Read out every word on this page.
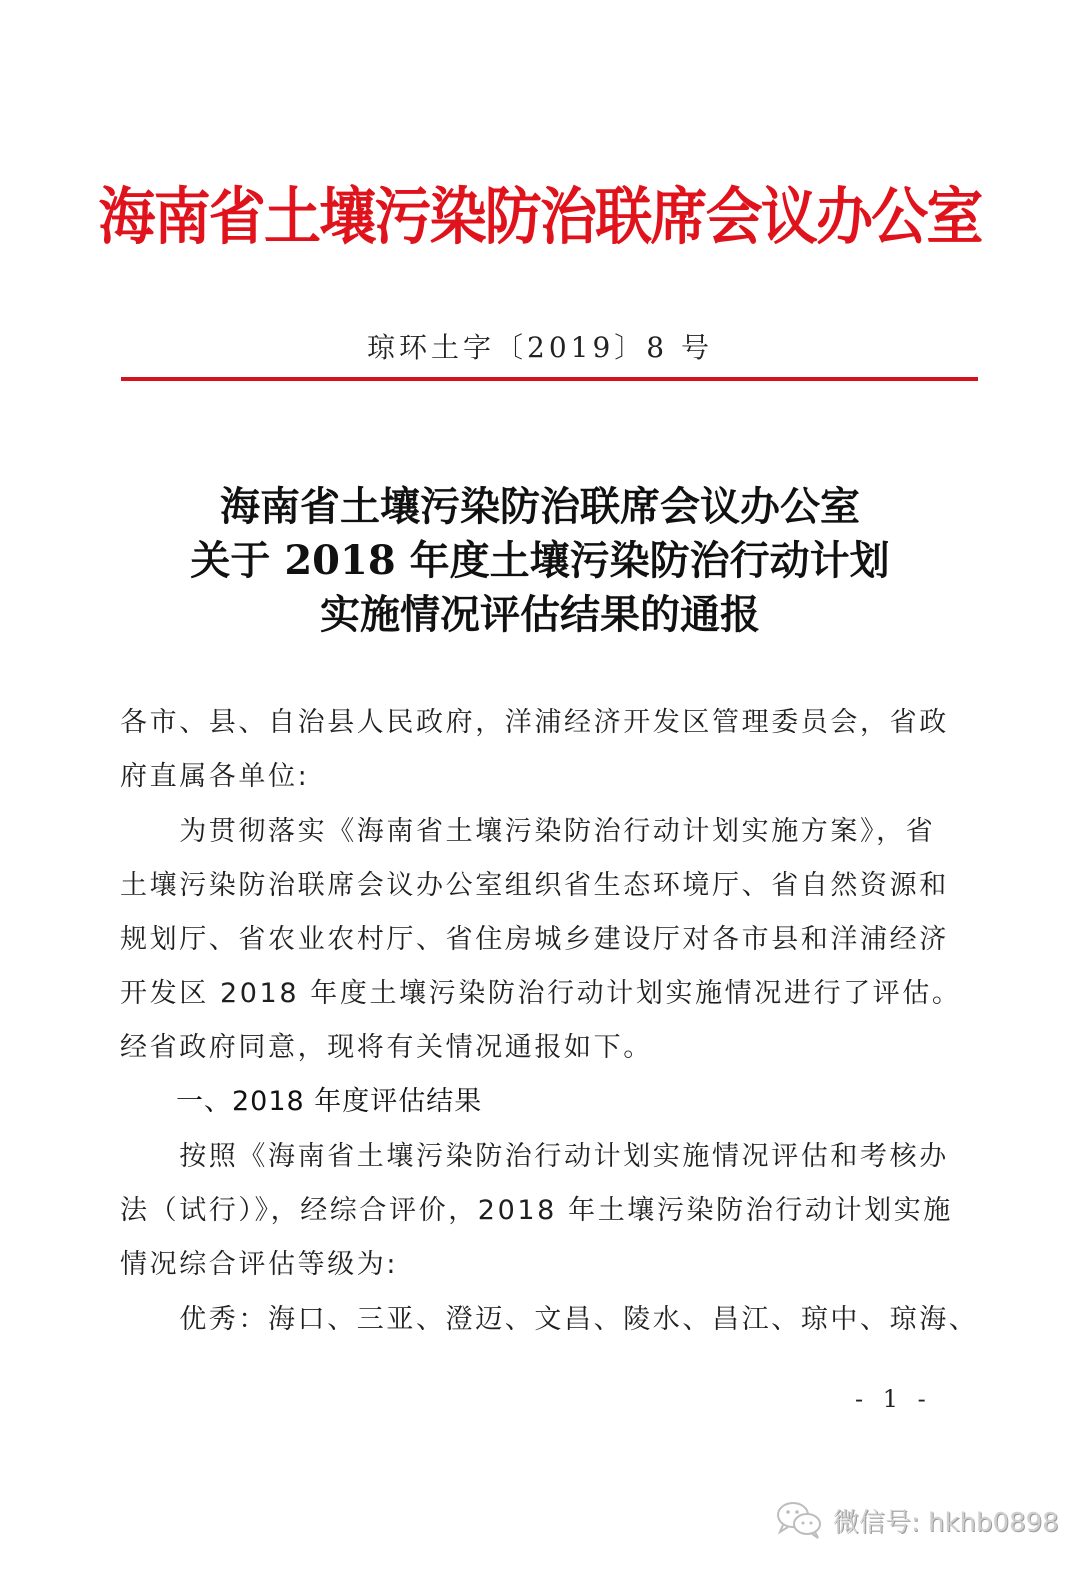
海南省土壤污染防治联席会议办公室
琼环土字〔2019〕8 号
海南省土壤污染防治联席会议办公室
关于 2018 年度土壤污染防治行动计划
实施情况评估结果的通报
各市、县、自治县人民政府，洋浦经济开发区管理委员会，省政
府直属各单位:
　　为贯彻落实《海南省土壤污染防治行动计划实施方案》，省
土壤污染防治联席会议办公室组织省生态环境厅、省自然资源和
规划厅、省农业农村厅、省住房城乡建设厅对各市县和洋浦经济
开发区 2018 年度土壤污染防治行动计划实施情况进行了评估。
经省政府同意，现将有关情况通报如下。
　　一、2018 年度评估结果
　　按照《海南省土壤污染防治行动计划实施情况评估和考核办
法（试行）》，经综合评价，2018 年土壤污染防治行动计划实施
情况综合评估等级为:
　　优秀：海口、三亚、澄迈、文昌、陵水、昌江、琼中、琼海、
- 1 -
微信号: hkhb0898
